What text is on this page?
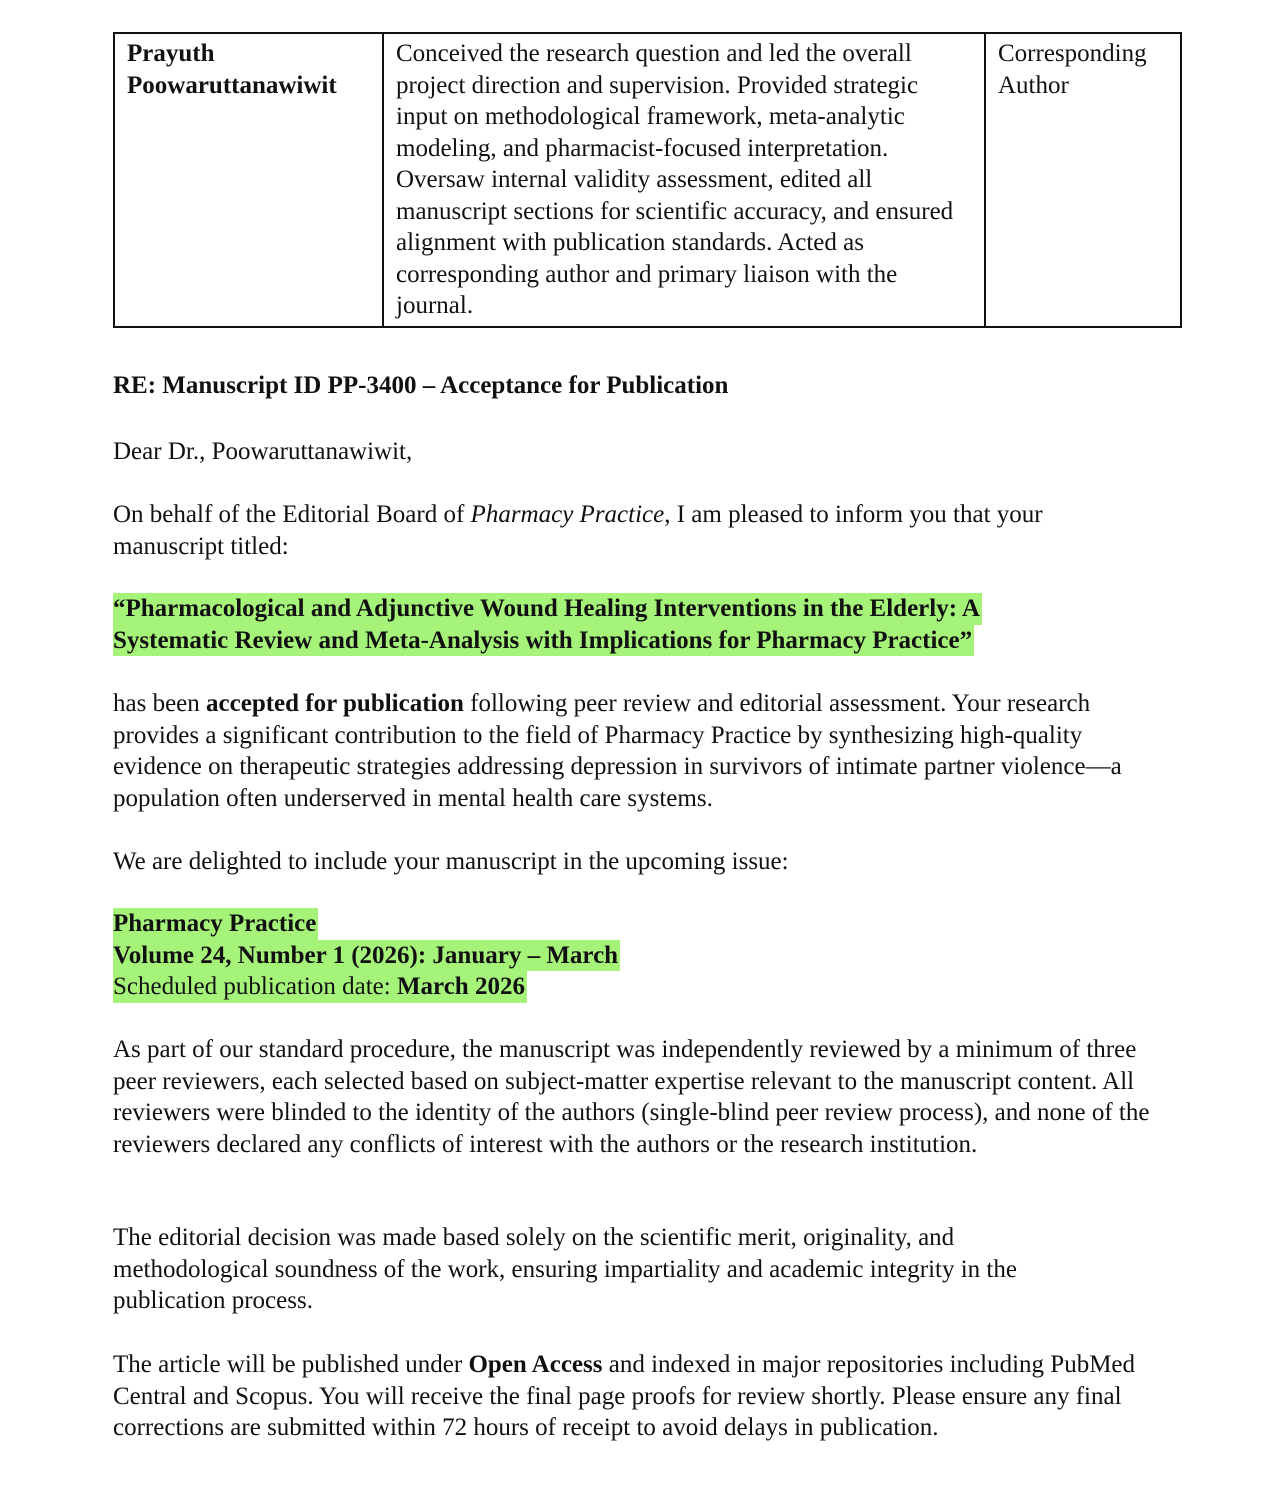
Prayuth
Poowaruttanawiwit
	Conceived the research question and led the overall project direction and supervision. Provided strategic input on methodological framework, meta-analytic modeling, and pharmacist-focused interpretation. Oversaw internal validity assessment, edited all manuscript sections for scientific accuracy, and ensured alignment with publication standards. Acted as corresponding author and primary liaison with the journal.	Corresponding Author

RE: Manuscript ID PP-3400 – Acceptance for Publication

Dear Dr., Poowaruttanawiwit,

On behalf of the Editorial Board of Pharmacy Practice, I am pleased to inform you that your manuscript titled:

“Pharmacological and Adjunctive Wound Healing Interventions in the Elderly: A
Systematic Review and Meta-Analysis with Implications for Pharmacy Practice”

has been accepted for publication following peer review and editorial assessment. Your research provides a significant contribution to the field of Pharmacy Practice by synthesizing high-quality evidence on therapeutic strategies addressing depression in survivors of intimate partner violence—a population often underserved in mental health care systems.

We are delighted to include your manuscript in the upcoming issue:

Pharmacy Practice
Volume 24, Number 1 (2026): January – March
Scheduled publication date: March 2026

As part of our standard procedure, the manuscript was independently reviewed by a minimum of three peer reviewers, each selected based on subject-matter expertise relevant to the manuscript content. All reviewers were blinded to the identity of the authors (single-blind peer review process), and none of the reviewers declared any conflicts of interest with the authors or the research institution.

The editorial decision was made based solely on the scientific merit, originality, and methodological soundness of the work, ensuring impartiality and academic integrity in the publication process.

The article will be published under Open Access and indexed in major repositories including PubMed Central and Scopus. You will receive the final page proofs for review shortly. Please ensure any final corrections are submitted within 72 hours of receipt to avoid delays in publication.
